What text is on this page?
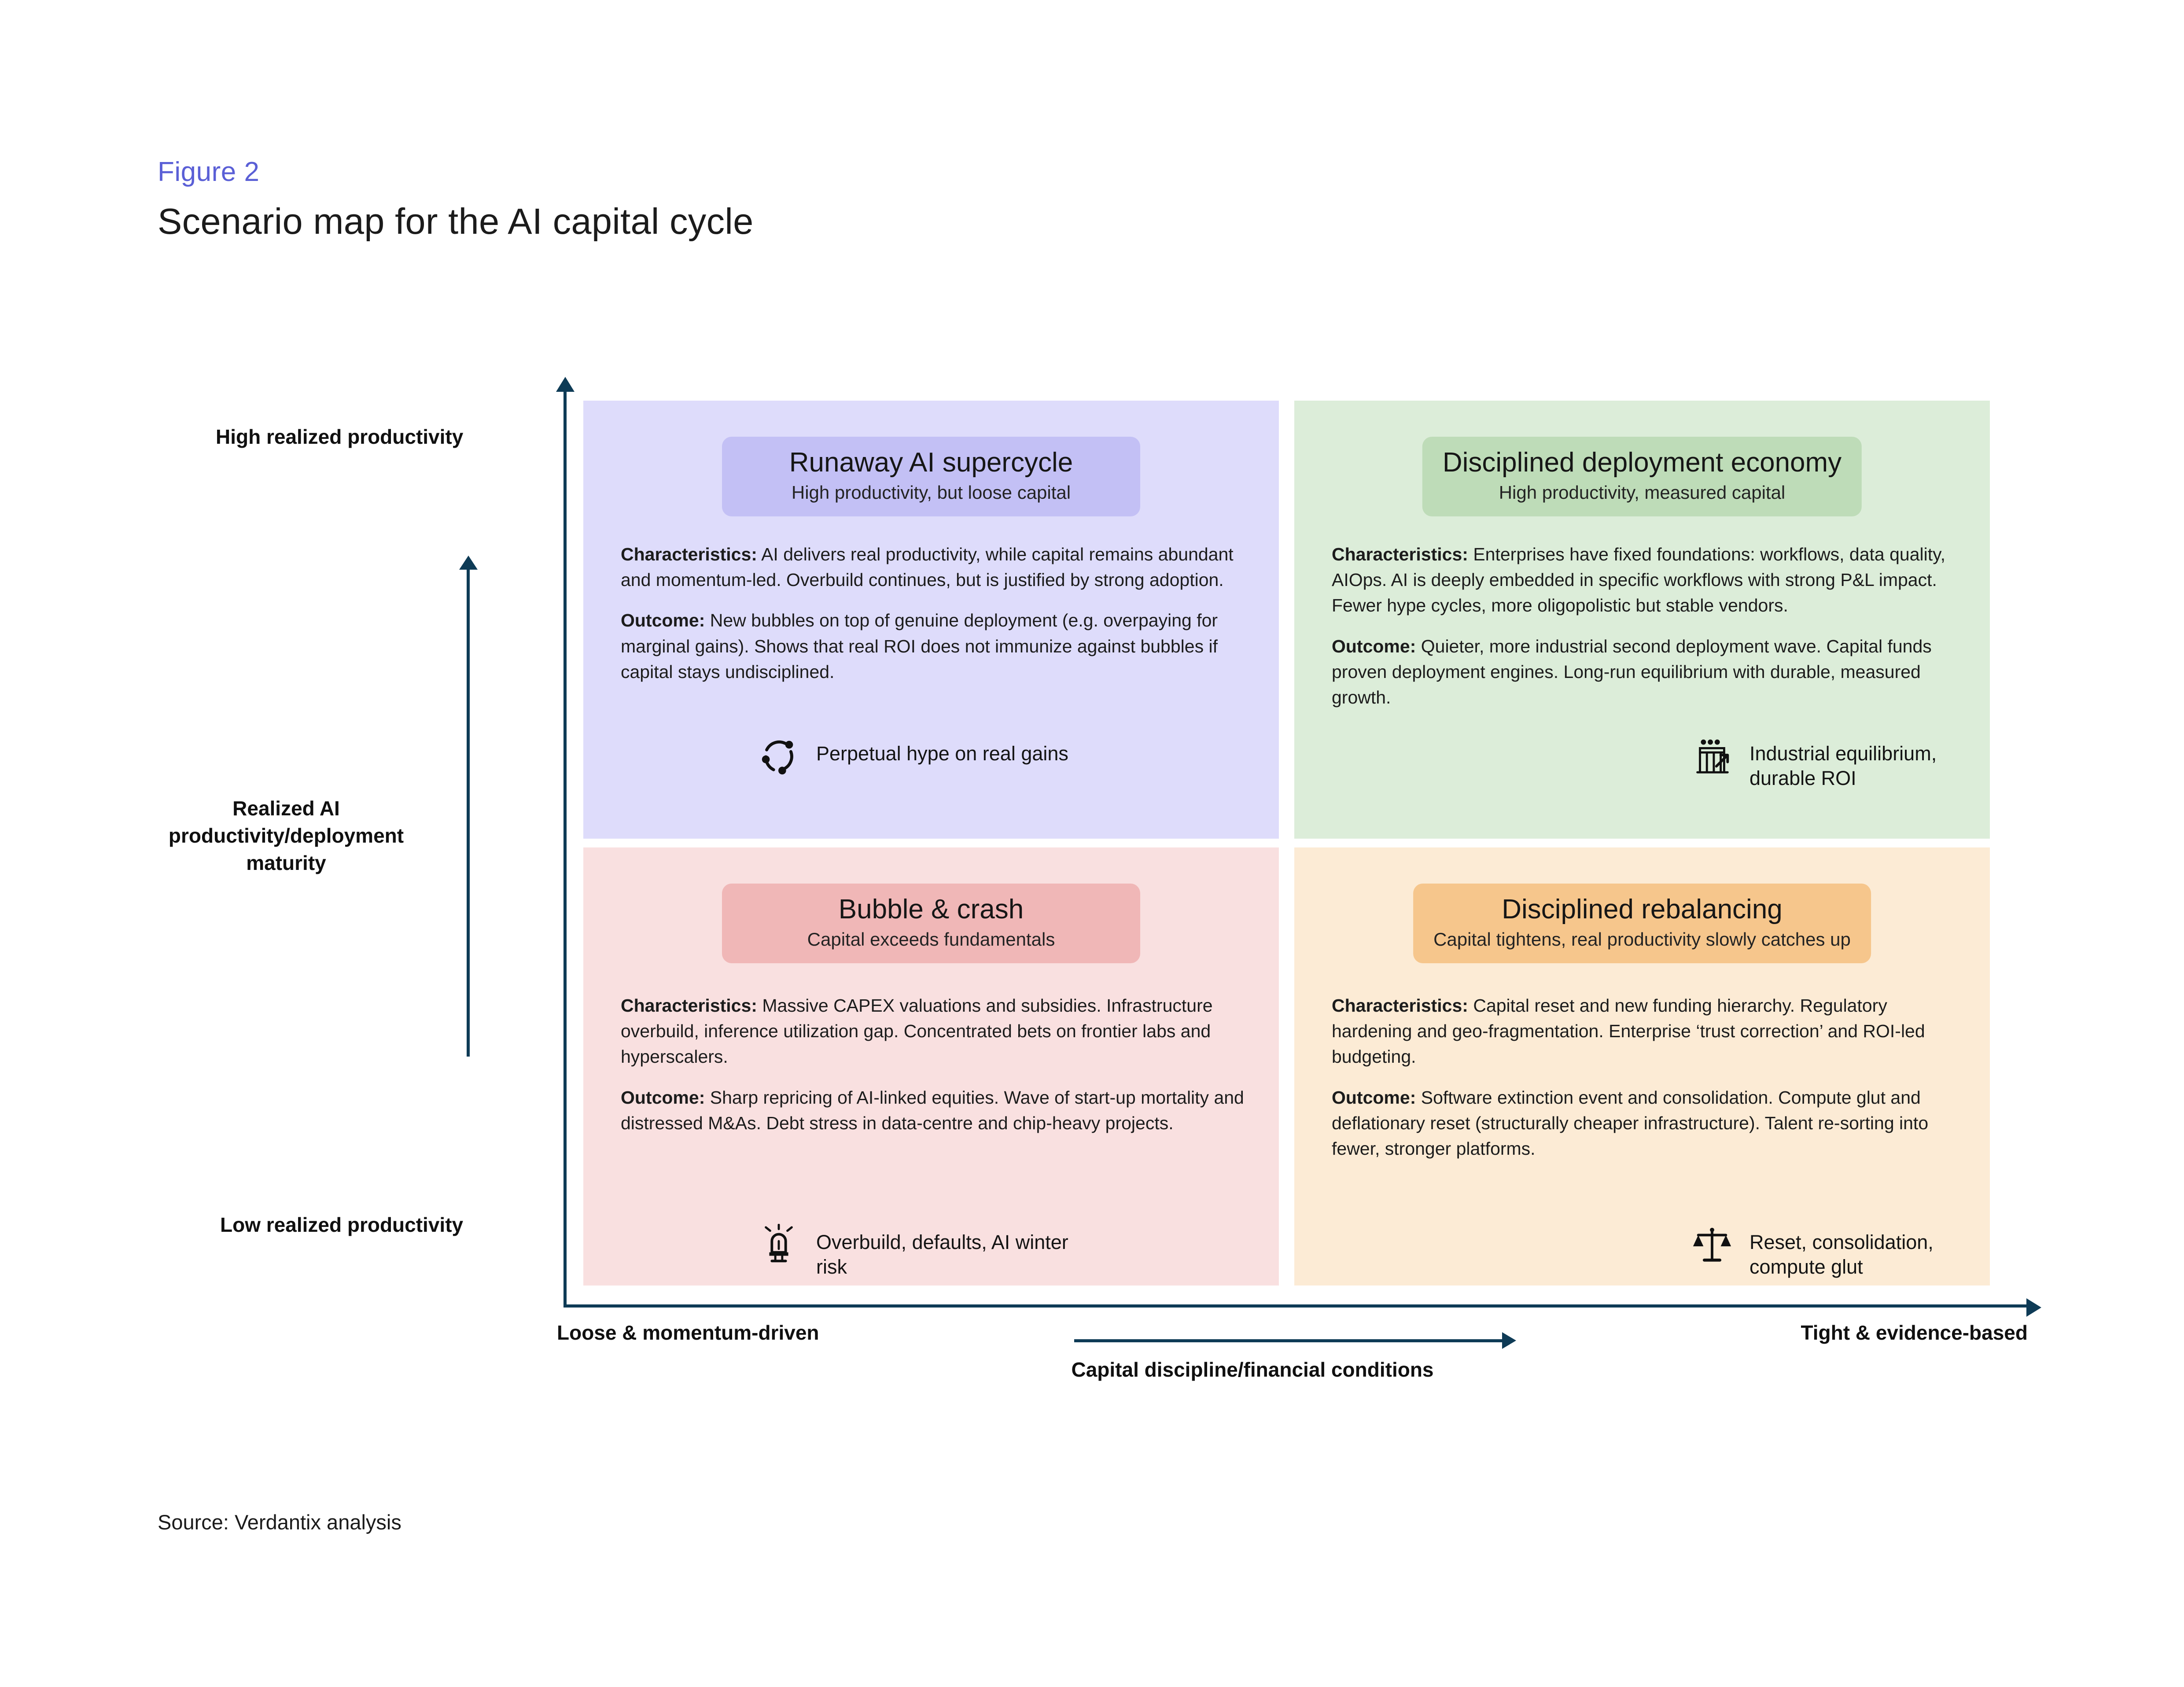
Figure 2
Scenario map for the AI capital cycle
High realized productivity
Low realized productivity
Realized AI productivity/deployment maturity
Loose & momentum-driven	Tight & evidence-based
Capital discipline/financial conditions
Runaway AI supercycle
High productivity, but loose capital

Characteristics: AI delivers real productivity, while capital remains abundant and momentum-led. Overbuild continues, but is justified by strong adoption.

Outcome: New bubbles on top of genuine deployment (e.g. overpaying for marginal gains). Shows that real ROI does not immunize against bubbles if capital stays undisciplined.

Perpetual hype on real gains
Disciplined deployment economy
High productivity, measured capital

Characteristics: Enterprises have fixed foundations: workflows, data quality, AIOps. AI is deeply embedded in specific workflows with strong P&L impact. Fewer hype cycles, more oligopolistic but stable vendors.

Outcome: Quieter, more industrial second deployment wave. Capital funds proven deployment engines. Long-run equilibrium with durable, measured growth.

Industrial equilibrium, durable ROI
Bubble & crash
Capital exceeds fundamentals

Characteristics: Massive CAPEX valuations and subsidies. Infrastructure overbuild, inference utilization gap. Concentrated bets on frontier labs and hyperscalers.

Outcome: Sharp repricing of AI-linked equities. Wave of start-up mortality and distressed M&As. Debt stress in data-centre and chip-heavy projects.

Overbuild, defaults, AI winter risk
Disciplined rebalancing
Capital tightens, real productivity slowly catches up

Characteristics: Capital reset and new funding hierarchy. Regulatory hardening and geo-fragmentation. Enterprise ‘trust correction’ and ROI-led budgeting.

Outcome: Software extinction event and consolidation. Compute glut and deflationary reset (structurally cheaper infrastructure). Talent re-sorting into fewer, stronger platforms.

Reset, consolidation, compute glut
Source: Verdantix analysis
